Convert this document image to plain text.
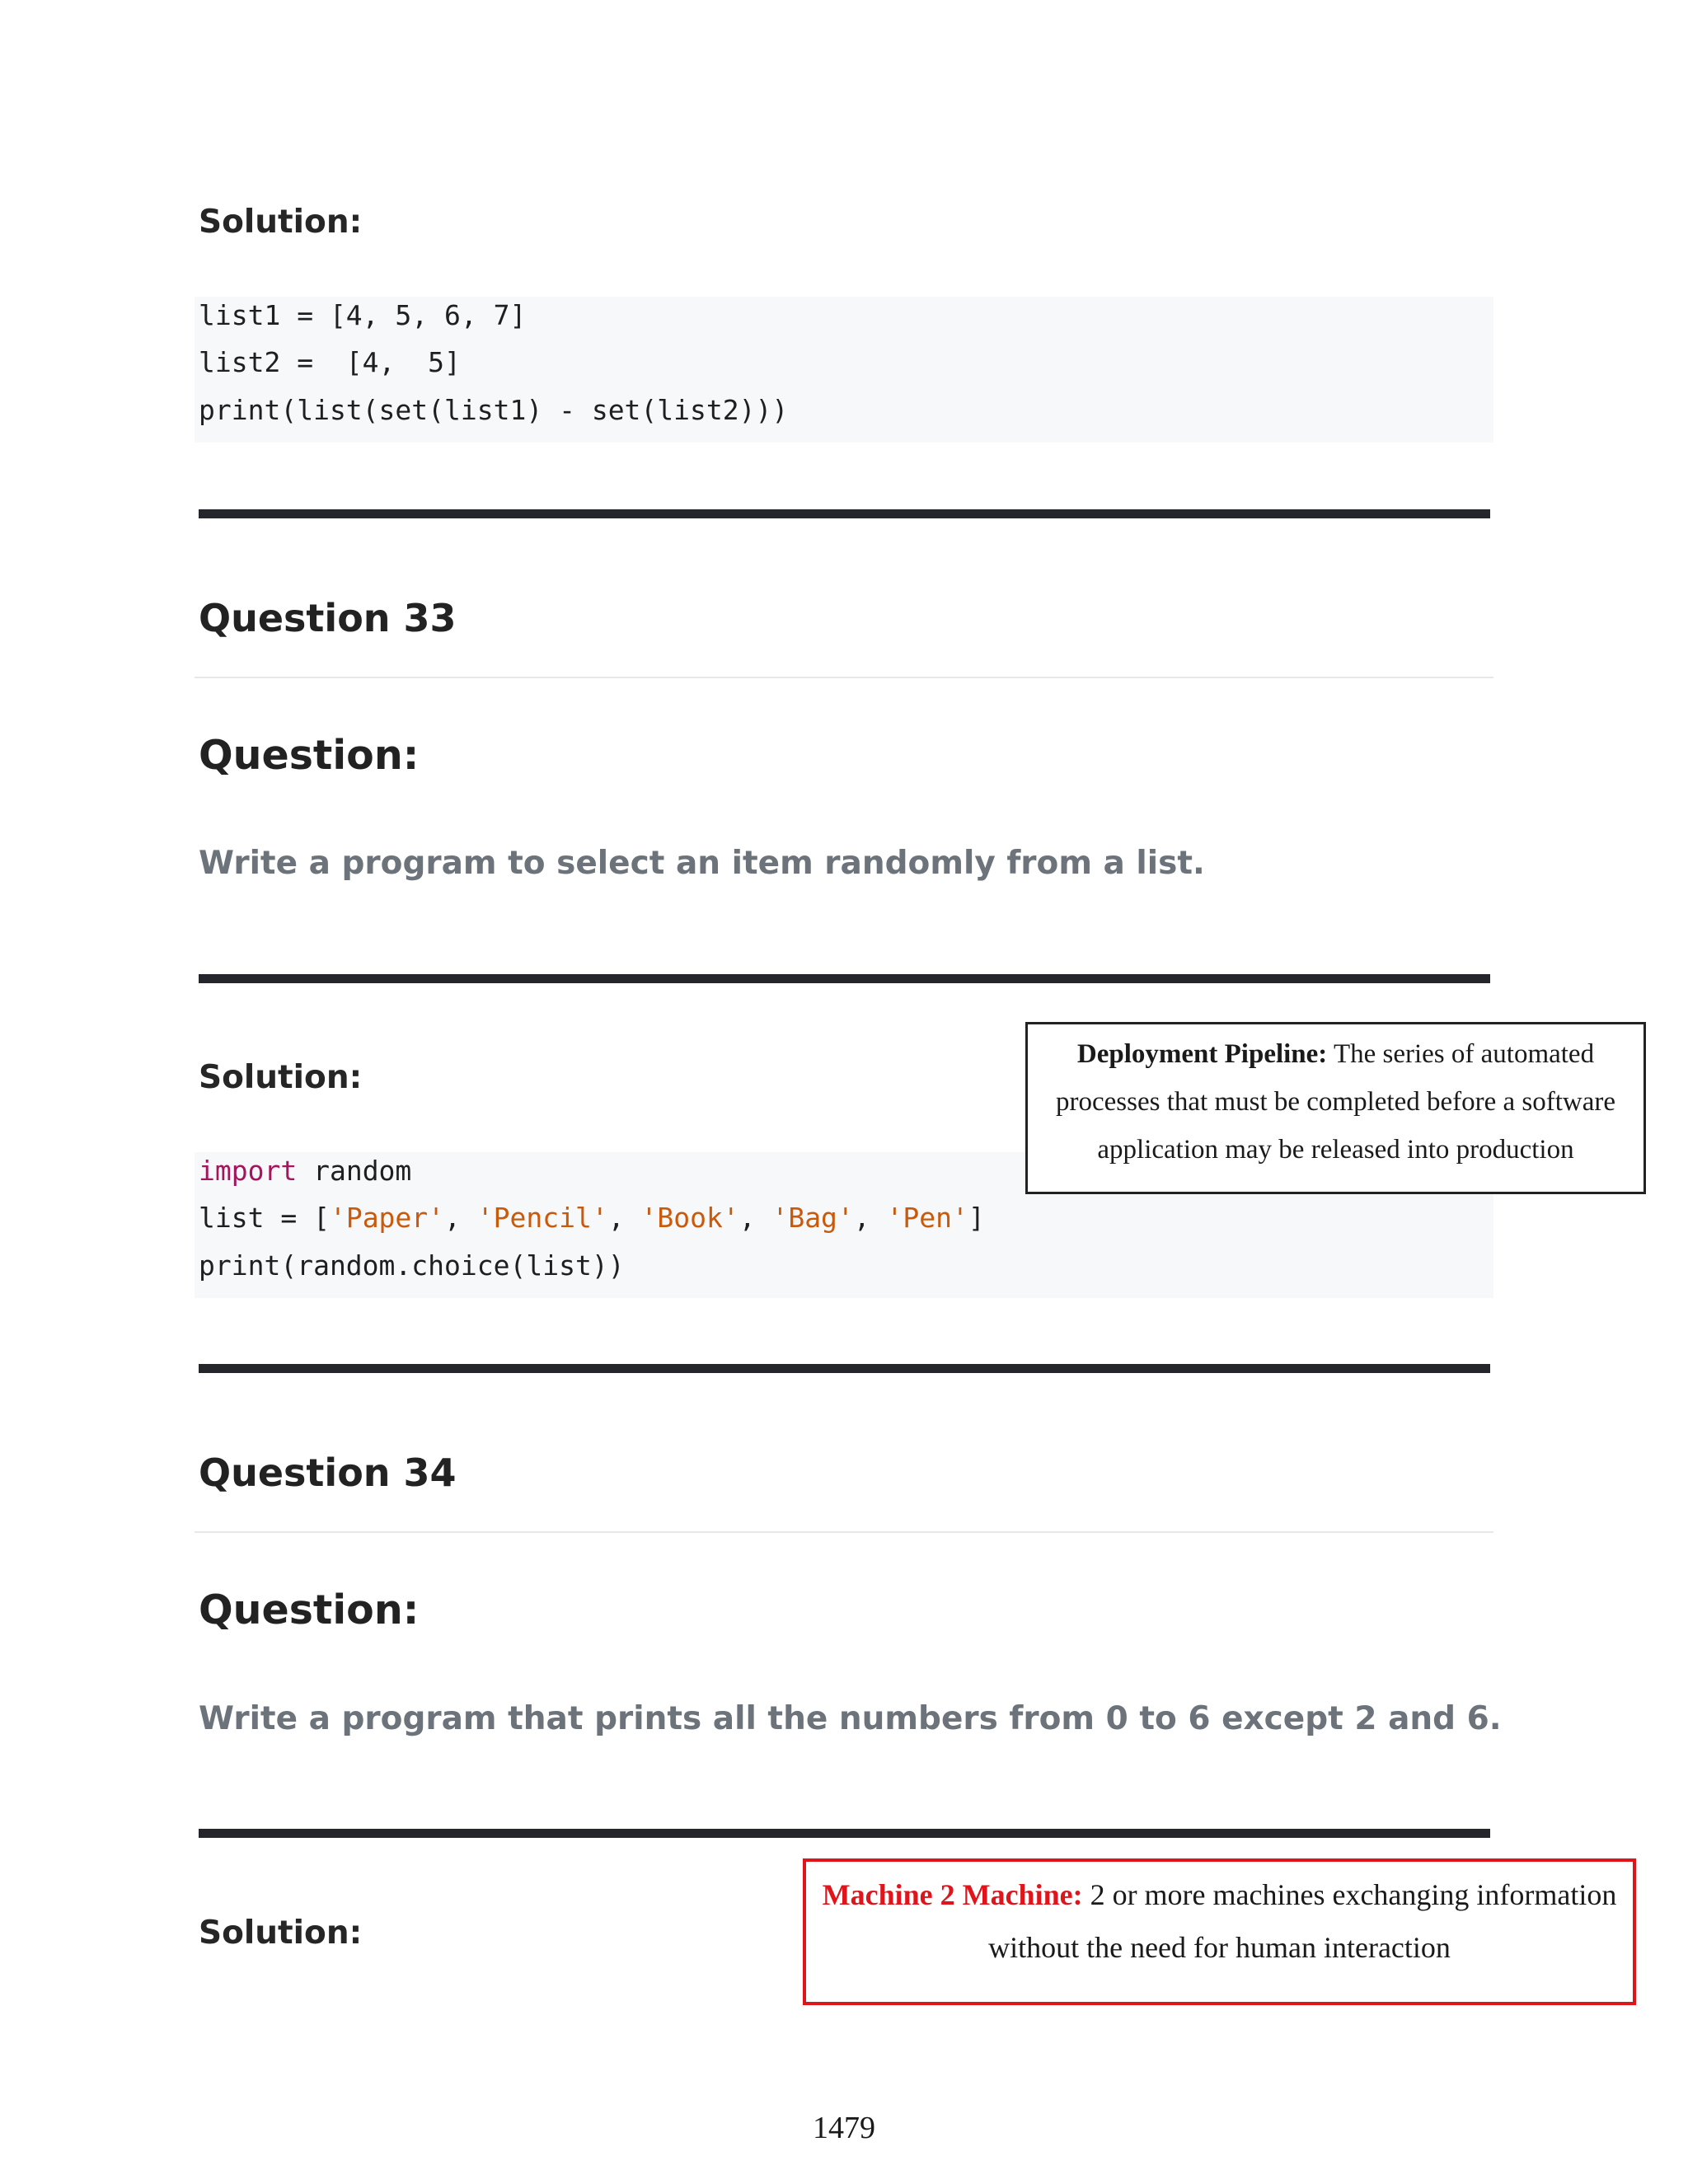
Solution:
list1 = [4, 5, 6, 7]
list2 =  [4,  5]
print(list(set(list1) - set(list2)))
Question 33
Question:
Write a program to select an item randomly from a list.
Solution:
import random
list = ['Paper', 'Pencil', 'Book', 'Bag', 'Pen']
print(random.choice(list))
Question 34
Question:
Write a program that prints all the numbers from 0 to 6 except 2 and 6.
Solution:
Deployment Pipeline: The series of automated processes that must be completed before a software application may be released into production
Machine 2 Machine: 2 or more machines exchanging information without the need for human interaction
1479
